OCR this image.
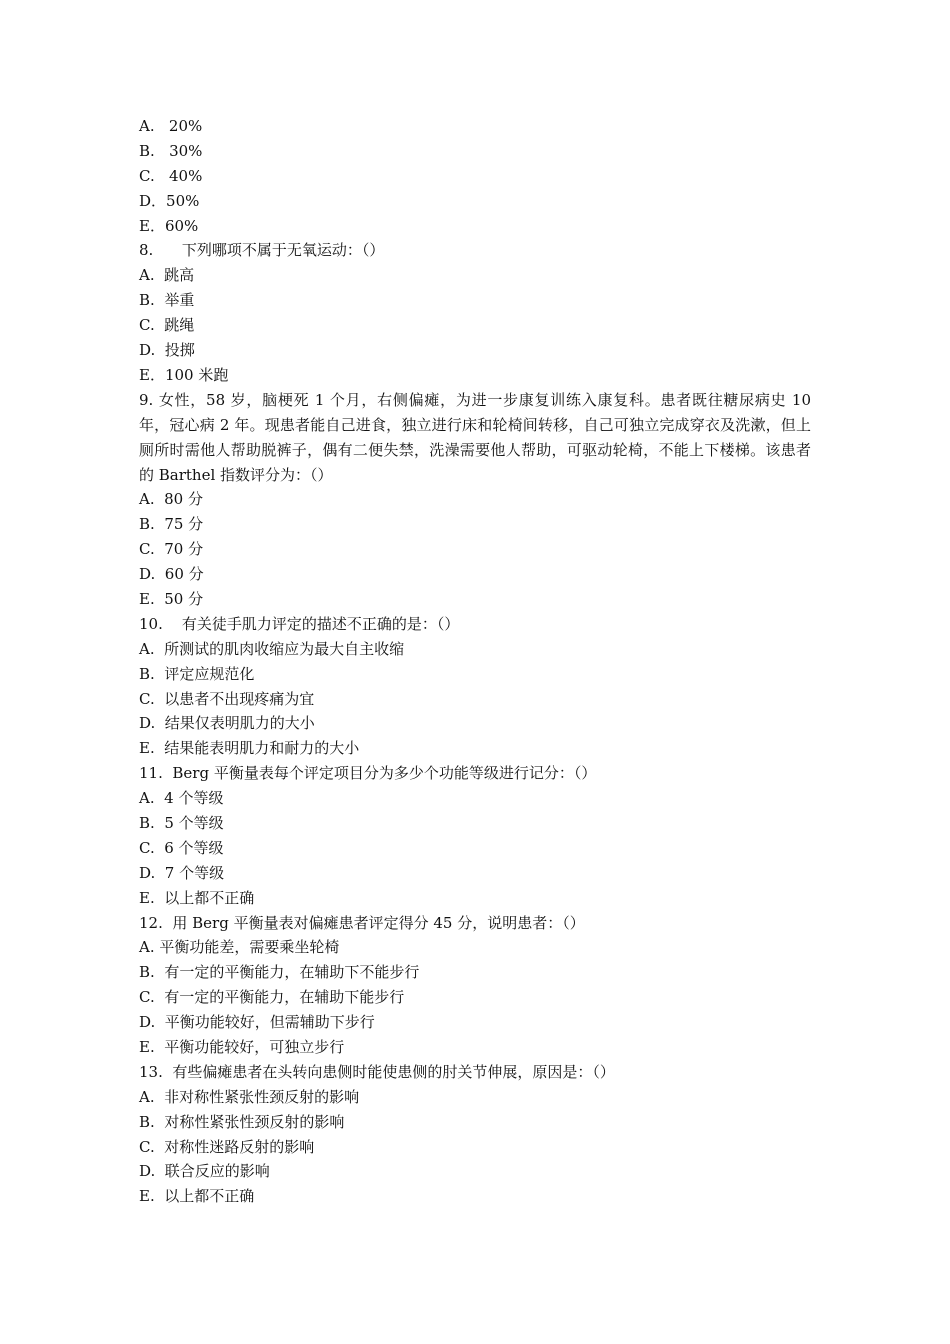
A.   20%
B.   30%
C.   40%
D．50%
E．60%
8.      下列哪项不属于无氧运动：（）
A.  跳高
B.  举重
C.  跳绳
D.  投掷
E．100 米跑
9. 女性，58 岁，脑梗死 1 个月，右侧偏瘫，为进一步康复训练入康复科。患者既往糖尿病史 10 年，冠心病 2 年。现患者能自己进食，独立进行床和轮椅间转移，自己可独立完成穿衣及洗漱，但上厕所时需他人帮助脱裤子，偶有二便失禁，洗澡需要他人帮助，可驱动轮椅，不能上下楼梯。该患者的 Barthel 指数评分为：（）
A.  80 分
B.  75 分
C.  70 分
D.  60 分
E.  50 分
10.    有关徒手肌力评定的描述不正确的是：（）
A.  所测试的肌肉收缩应为最大自主收缩
B.  评定应规范化
C.  以患者不出现疼痛为宜
D.  结果仅表明肌力的大小
E.  结果能表明肌力和耐力的大小
11.  Berg 平衡量表每个评定项目分为多少个功能等级进行记分：（）
A.  4 个等级
B.  5 个等级
C.  6 个等级
D.  7 个等级
E.  以上都不正确
12.  用 Berg 平衡量表对偏瘫患者评定得分 45 分，说明患者：（）
A. 平衡功能差，需要乘坐轮椅
B.  有一定的平衡能力，在辅助下不能步行
C.  有一定的平衡能力，在辅助下能步行
D.  平衡功能较好，但需辅助下步行
E.  平衡功能较好，可独立步行
13.  有些偏瘫患者在头转向患侧时能使患侧的肘关节伸展，原因是：（）
A.  非对称性紧张性颈反射的影响
B.  对称性紧张性颈反射的影响
C.  对称性迷路反射的影响
D.  联合反应的影响
E.  以上都不正确
